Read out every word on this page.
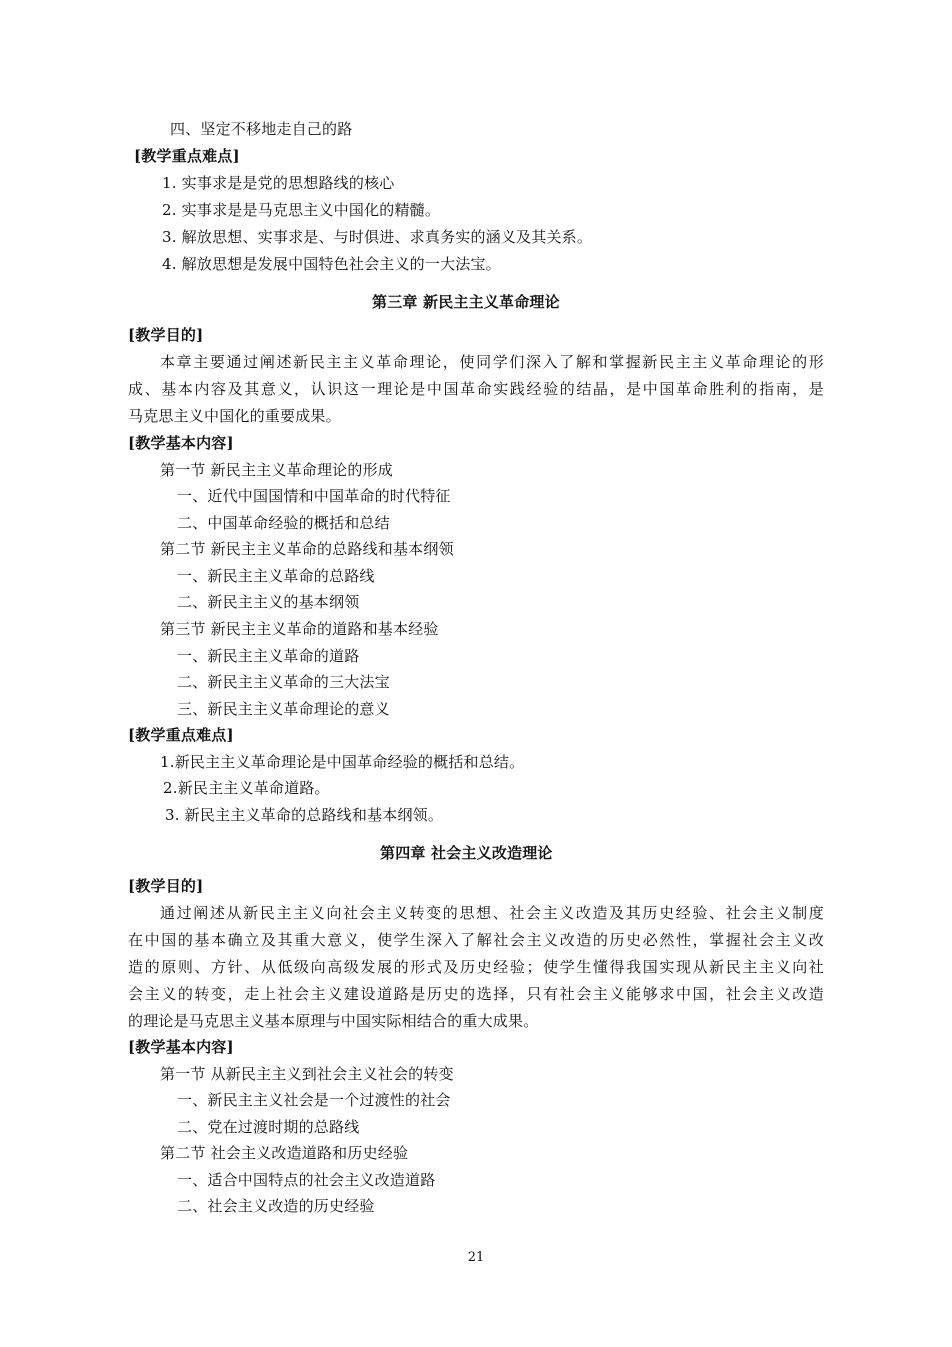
四、坚定不移地走自己的路
[教学重点难点]
1. 实事求是是党的思想路线的核心
2. 实事求是是马克思主义中国化的精髓。
3. 解放思想、实事求是、与时俱进、求真务实的涵义及其关系。
4. 解放思想是发展中国特色社会主义的一大法宝。
第三章 新民主主义革命理论
[教学目的]
本章主要通过阐述新民主主义革命理论，使同学们深入了解和掌握新民主主义革命理论的形
成、基本内容及其意义，认识这一理论是中国革命实践经验的结晶，是中国革命胜利的指南，是
马克思主义中国化的重要成果。
[教学基本内容]
第一节 新民主主义革命理论的形成
一、近代中国国情和中国革命的时代特征
二、中国革命经验的概括和总结
第二节 新民主主义革命的总路线和基本纲领
一、新民主主义革命的总路线
二、新民主主义的基本纲领
第三节 新民主主义革命的道路和基本经验
一、新民主主义革命的道路
二、新民主主义革命的三大法宝
三、新民主主义革命理论的意义
[教学重点难点]
1.新民主主义革命理论是中国革命经验的概括和总结。
2.新民主主义革命道路。
3. 新民主主义革命的总路线和基本纲领。
第四章 社会主义改造理论
[教学目的]
通过阐述从新民主主义向社会主义转变的思想、社会主义改造及其历史经验、社会主义制度
在中国的基本确立及其重大意义，使学生深入了解社会主义改造的历史必然性，掌握社会主义改
造的原则、方针、从低级向高级发展的形式及历史经验；使学生懂得我国实现从新民主主义向社
会主义的转变，走上社会主义建设道路是历史的选择，只有社会主义能够求中国，社会主义改造
的理论是马克思主义基本原理与中国实际相结合的重大成果。
[教学基本内容]
第一节 从新民主主义到社会主义社会的转变
一、新民主主义社会是一个过渡性的社会
二、党在过渡时期的总路线
第二节 社会主义改造道路和历史经验
一、适合中国特点的社会主义改造道路
二、社会主义改造的历史经验
21
